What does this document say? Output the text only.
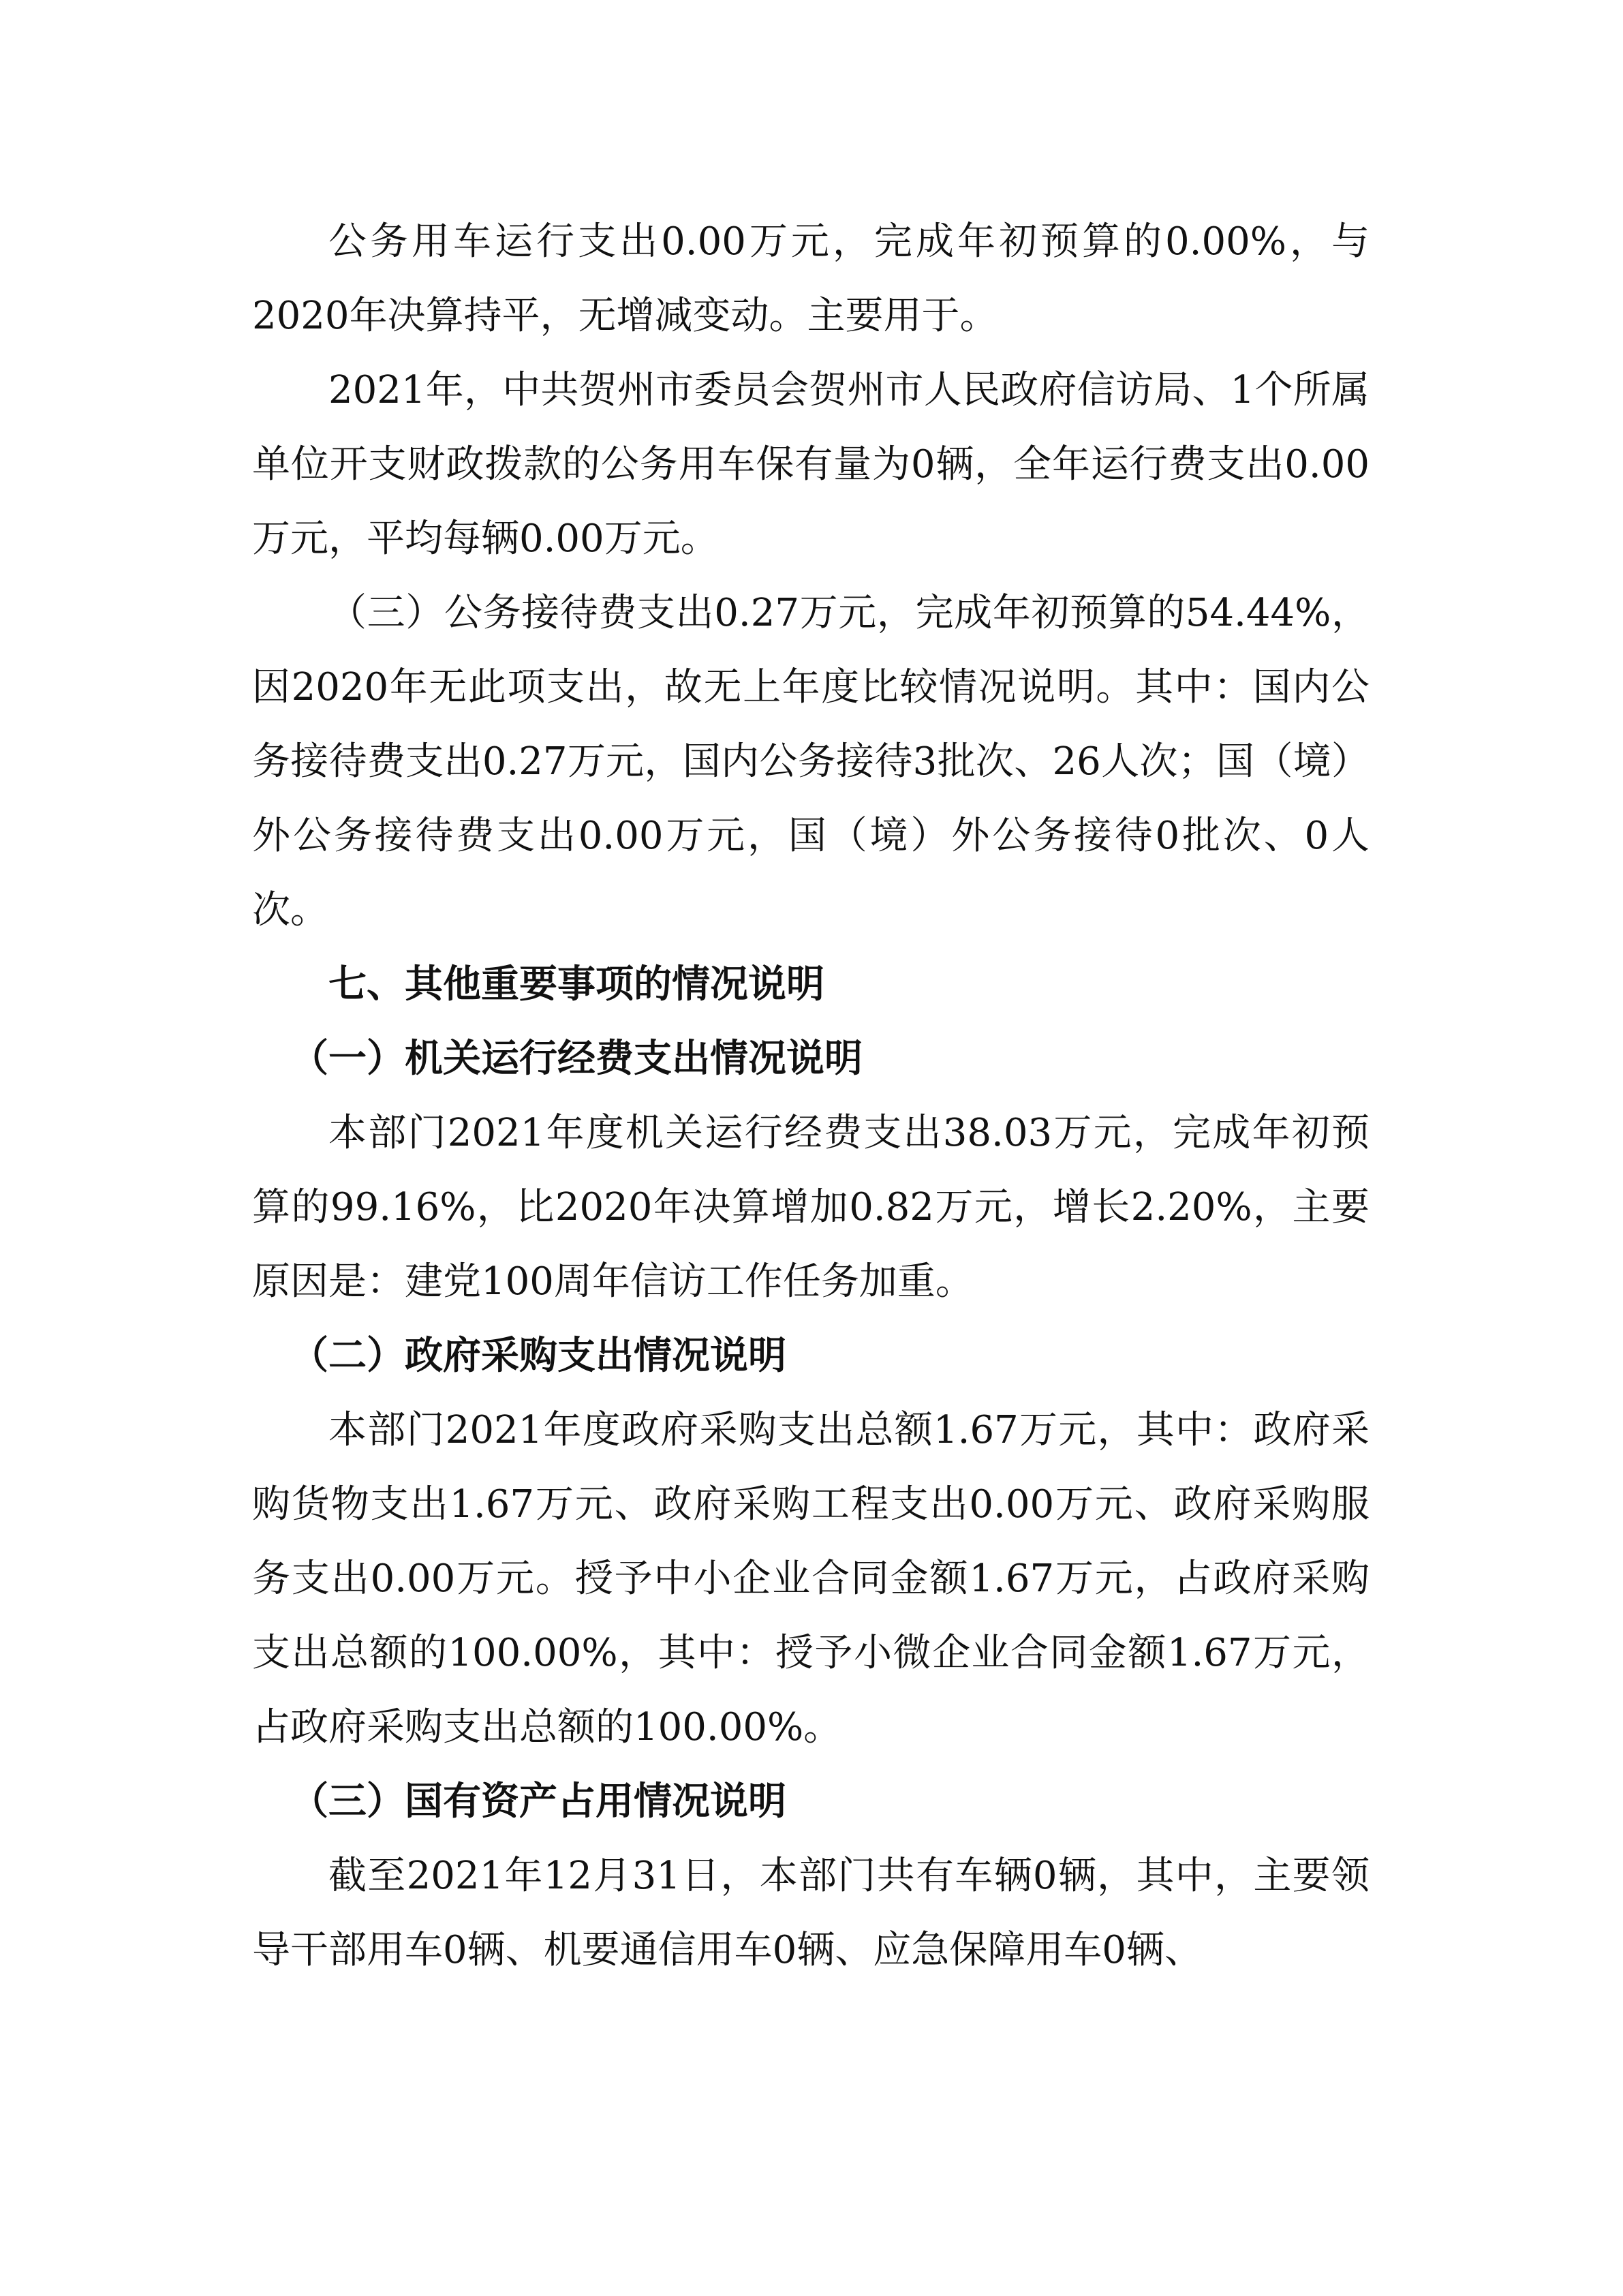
公务用车运行支出0.00万元，完成年初预算的0.00%，与2020年决算持平，无增减变动。主要用于。

2021年，中共贺州市委员会贺州市人民政府信访局、1个所属单位开支财政拨款的公务用车保有量为0辆，全年运行费支出0.00万元，平均每辆0.00万元。

（三）公务接待费支出0.27万元，完成年初预算的54.44%，因2020年无此项支出，故无上年度比较情况说明。其中：国内公务接待费支出0.27万元，国内公务接待3批次、26人次；国（境）外公务接待费支出0.00万元，国（境）外公务接待0批次、0人次。

七、其他重要事项的情况说明

（一）机关运行经费支出情况说明

本部门2021年度机关运行经费支出38.03万元，完成年初预算的99.16%，比2020年决算增加0.82万元，增长2.20%，主要原因是：建党100周年信访工作任务加重。

（二）政府采购支出情况说明

本部门2021年度政府采购支出总额1.67万元，其中：政府采购货物支出1.67万元、政府采购工程支出0.00万元、政府采购服务支出0.00万元。授予中小企业合同金额1.67万元，占政府采购支出总额的100.00%，其中：授予小微企业合同金额1.67万元，占政府采购支出总额的100.00%。

（三）国有资产占用情况说明

截至2021年12月31日，本部门共有车辆0辆，其中，主要领导干部用车0辆、机要通信用车0辆、应急保障用车0辆、
